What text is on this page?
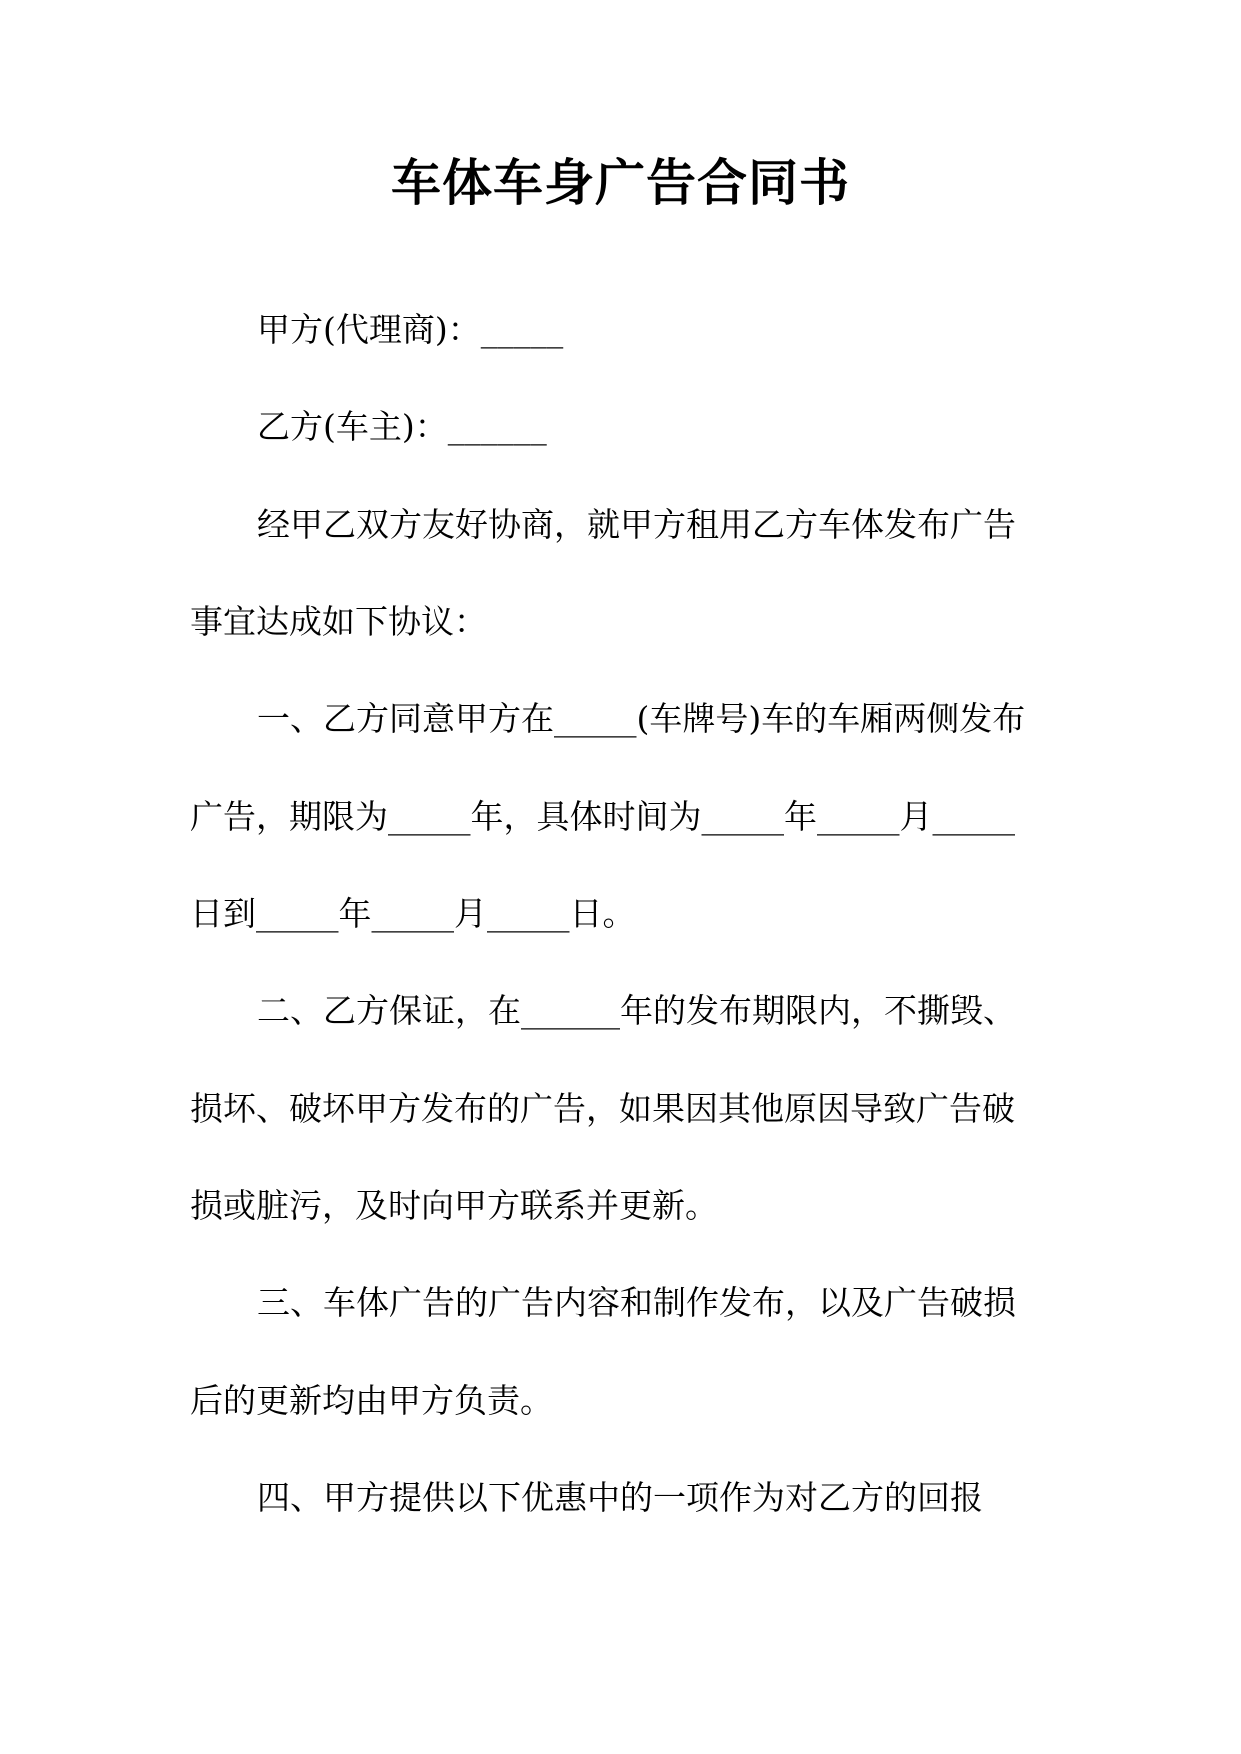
车体车身广告合同书
甲方(代理商)：_____
乙方(车主)：______
经甲乙双方友好协商，就甲方租用乙方车体发布广告
事宜达成如下协议：
一、乙方同意甲方在_____(车牌号)车的车厢两侧发布
广告，期限为_____年，具体时间为_____年_____月_____
日到_____年_____月_____日。
二、乙方保证，在______年的发布期限内，不撕毁、
损坏、破坏甲方发布的广告，如果因其他原因导致广告破
损或脏污，及时向甲方联系并更新。
三、车体广告的广告内容和制作发布，以及广告破损
后的更新均由甲方负责。
四、甲方提供以下优惠中的一项作为对乙方的回报
